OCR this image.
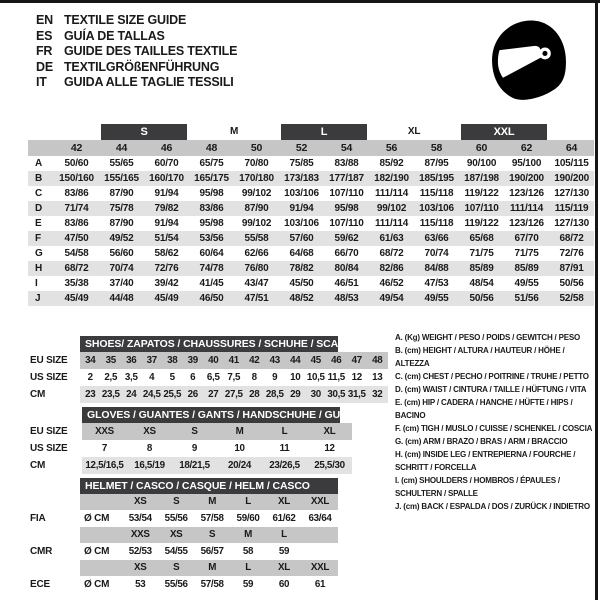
EN TEXTILE SIZE GUIDE
ES GUÍA DE TALLAS
FR GUIDE DES TAILLES TEXTILE
DE TEXTILGRÖßENFÜHRUNG
IT	GUIDA ALLE TAGLIE TESSILI

		S		M		L		XL		XXL		

	42	44	46	48	50	52	54	56	58	60	62	64
A	50/60	55/65	60/70	65/75	70/80	75/85	83/88	85/92	87/95	90/100	95/100	105/115
B	150/160	155/165	160/170	165/175	170/180	173/183	177/187	182/190	185/195	187/198	190/200	190/200
C	83/86	87/90	91/94	95/98	99/102	103/106	107/110	111/114	115/118	119/122	123/126	127/130
D	71/74	75/78	79/82	83/86	87/90	91/94	95/98	99/102	103/106	107/110	111/114	115/119
E	83/86	87/90	91/94	95/98	99/102	103/106	107/110	111/114	115/118	119/122	123/126	127/130
F	47/50	49/52	51/54	53/56	55/58	57/60	59/62	61/63	63/66	65/68	67/70	68/72
G	54/58	56/60	58/62	60/64	62/66	64/68	66/70	68/72	70/74	71/75	71/75	72/76
H	68/72	70/74	72/76	74/78	76/80	78/82	80/84	82/86	84/88	85/89	85/89	87/91
I	35/38	37/40	39/42	41/45	43/47	45/50	46/51	46/52	47/53	48/54	49/55	50/56
J	45/49	44/48	45/49	46/50	47/51	48/52	48/53	49/54	49/55	50/56	51/56	52/58

	SHOES/ ZAPATOS / CHAUSSURES / SCHUHE / SCARPE														

EU SIZE	34	35	36	37	38	39	40	41	42	43	44	45	46	47	48
US SIZE	2	2,5	3,5	4	5	6	6,5	7,5	8	9	10	10,5	11,5	12	13
CM	23	23,5	24	24,5	25,5	26	27	27,5	28	28,5	29	30	30,5	31,5	32

	GLOVES / GUANTES / GANTS / HANDSCHUHE / GUANTI					

EU SIZE	XXS	XS	S	M	L	XL
US SIZE	7	8	9	10	11	12
CM	12,5/16,5	16,5/19	18/21,5	20/24	23/26,5	25,5/30

	HELMET / CASCO / CASQUE / HELM / CASCO						

		XS	S	M	L	XL	XXL
FIA	Ø CM	53/54	55/56	57/58	59/60	61/62	63/64
		XXS	XS	S	M	L	
CMR	Ø CM	52/53	54/55	56/57	58	59	
		XS	S	M	L	XL	XXL
ECE	Ø CM	53	55/56	57/58	59	60	61

A. (Kg) WEIGHT / PESO / POIDS / GEWITCH / PESO

B. (cm) HEIGHT / ALTURA / HAUTEUR / HÖHE / ALTEZZA

C. (cm) CHEST / PECHO / POITRINE / TRUHE / PETTO

D. (cm) WAIST / CINTURA / TAILLE / HÜFTUNG / VITA

E. (cm) HIP / CADERA / HANCHE / HÜFTE / HIPS / BACINO

F. (cm) TIGH / MUSLO / CUISSE / SCHENKEL / COSCIA

G. (cm) ARM / BRAZO / BRAS / ARM / BRACCIO

H. (cm) INSIDE LEG / ENTREPIERNA / FOURCHE / SCHRITT / FORCELLA

I. (cm) SHOULDERS / HOMBROS / ÉPAULES / SCHULTERN / SPALLE

J. (cm) BACK / ESPALDA / DOS / ZURÜCK / INDIETRO
